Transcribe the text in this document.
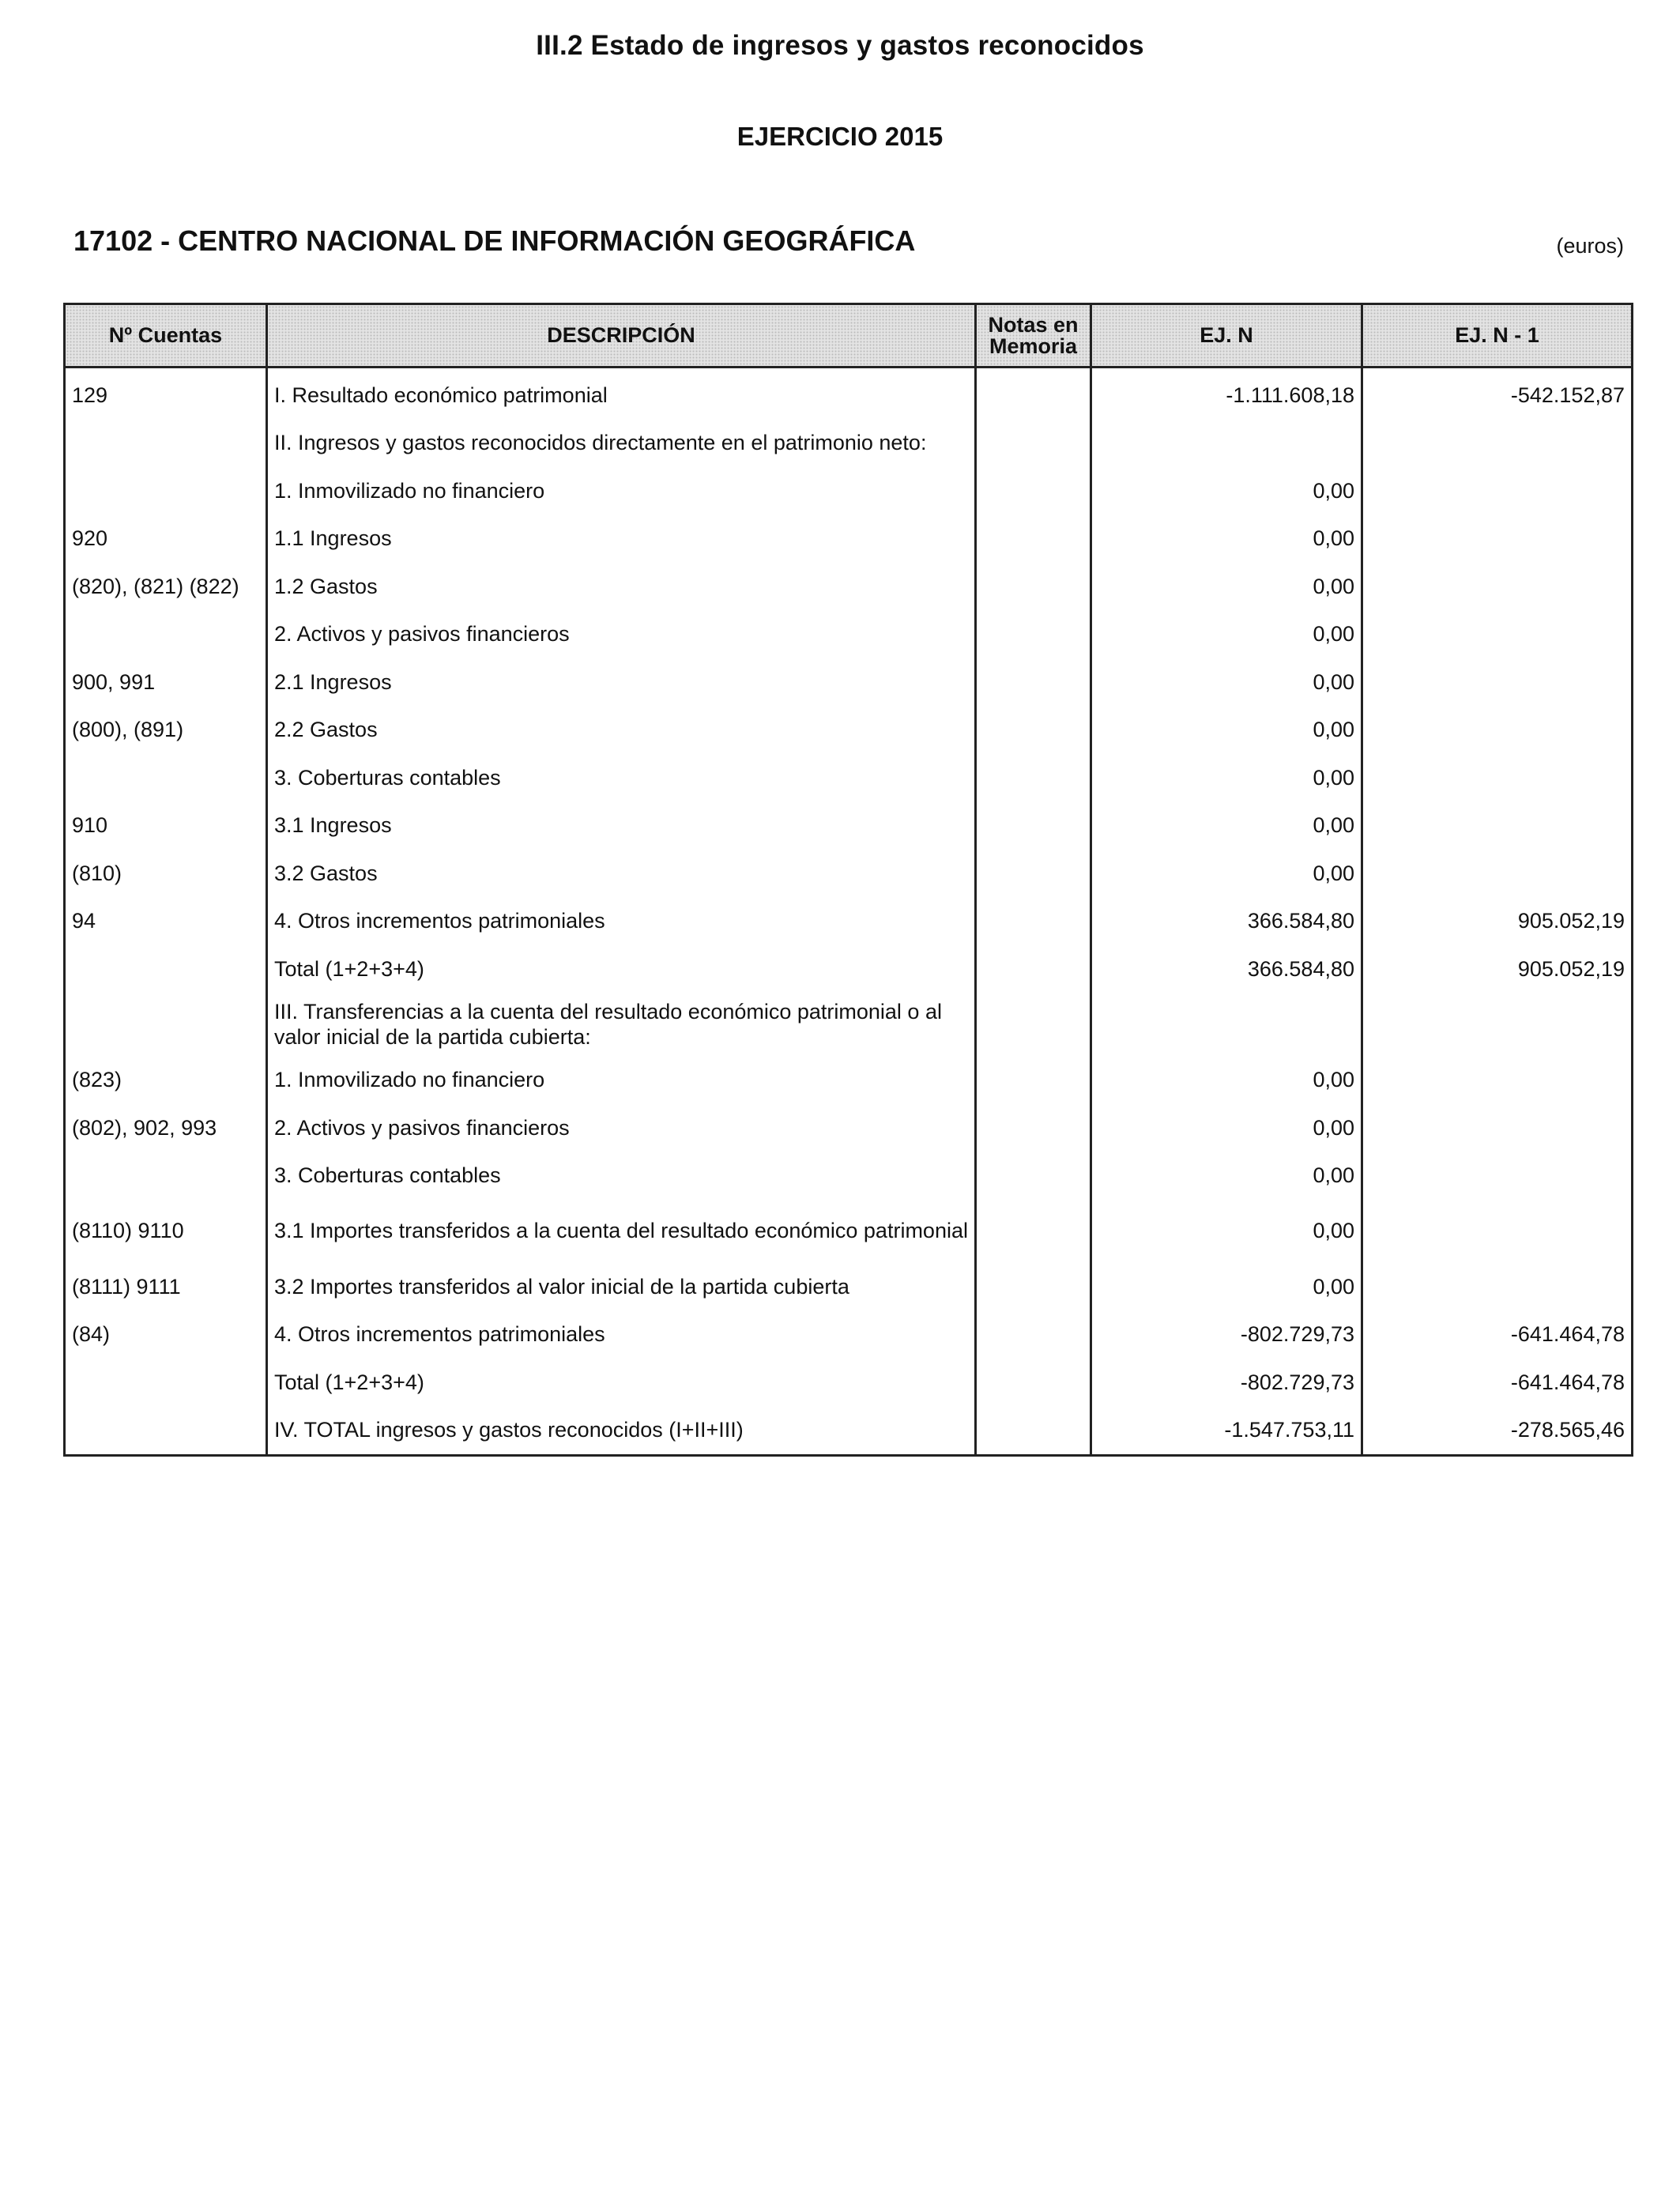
III.2 Estado de ingresos y gastos reconocidos
EJERCICIO 2015
17102 - CENTRO NACIONAL DE INFORMACIÓN GEOGRÁFICA	(euros)
Nº Cuentas	DESCRIPCIÓN	Notas en Memoria	EJ. N	EJ. N - 1
129	I. Resultado económico patrimonial		-1.111.608,18	-542.152,87
	II. Ingresos y gastos reconocidos directamente en el patrimonio neto:			
	1. Inmovilizado no financiero		0,00	
920	1.1 Ingresos		0,00	
(820), (821) (822)	1.2 Gastos		0,00	
	2. Activos y pasivos financieros		0,00	
900, 991	2.1 Ingresos		0,00	
(800), (891)	2.2 Gastos		0,00	
	3. Coberturas contables		0,00	
910	3.1 Ingresos		0,00	
(810)	3.2 Gastos		0,00	
94	4. Otros incrementos patrimoniales		366.584,80	905.052,19
	Total (1+2+3+4)		366.584,80	905.052,19
	III. Transferencias a la cuenta del resultado económico patrimonial o al valor inicial de la partida cubierta:			
(823)	1. Inmovilizado no financiero		0,00	
(802), 902, 993	2. Activos y pasivos financieros		0,00	
	3. Coberturas contables		0,00	
(8110) 9110	3.1 Importes transferidos a la cuenta del resultado económico patrimonial		0,00	
(8111) 9111	3.2 Importes transferidos al valor inicial de la partida cubierta		0,00	
(84)	4. Otros incrementos patrimoniales		-802.729,73	-641.464,78
	Total (1+2+3+4)		-802.729,73	-641.464,78
	IV. TOTAL ingresos y gastos reconocidos (I+II+III)		-1.547.753,11	-278.565,46
